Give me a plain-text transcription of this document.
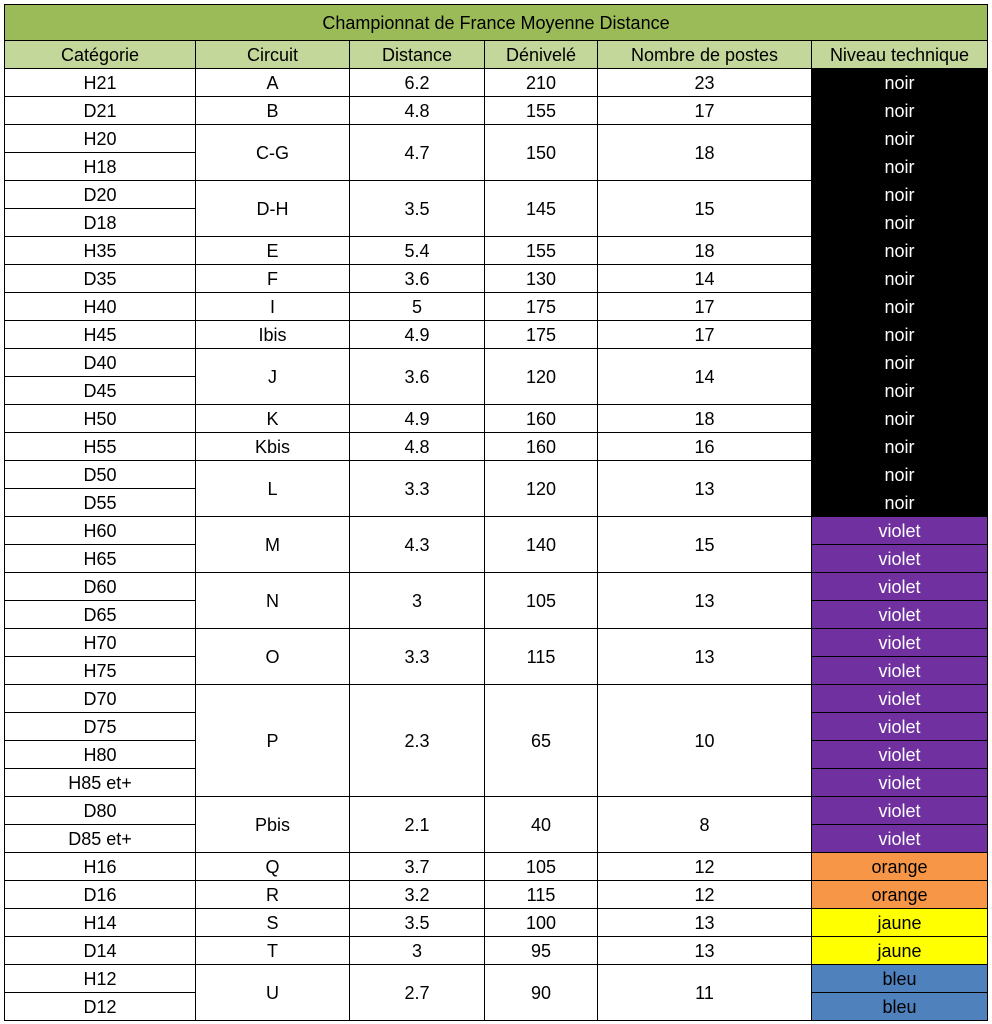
Championnat de France Moyenne Distance					
Catégorie	Circuit	Distance	Dénivelé	Nombre de postes	Niveau technique
H21	A	6.2	210	23	noir
D21	B	4.8	155	17	noir
H20	C-G	4.7	150	18	noir
H18					noir
D20	D-H	3.5	145	15	noir
D18					noir
H35	E	5.4	155	18	noir
D35	F	3.6	130	14	noir
H40	I	5	175	17	noir
H45	Ibis	4.9	175	17	noir
D40	J	3.6	120	14	noir
D45					noir
H50	K	4.9	160	18	noir
H55	Kbis	4.8	160	16	noir
D50	L	3.3	120	13	noir
D55					noir
H60	M	4.3	140	15	violet
H65					violet
D60	N	3	105	13	violet
D65					violet
H70	O	3.3	115	13	violet
H75					violet
D70	P	2.3	65	10	violet
D75					violet
H80					violet
H85 et+					violet
D80	Pbis	2.1	40	8	violet
D85 et+					violet
H16	Q	3.7	105	12	orange
D16	R	3.2	115	12	orange
H14	S	3.5	100	13	jaune
D14	T	3	95	13	jaune
H12	U	2.7	90	11	bleu
D12					bleu
